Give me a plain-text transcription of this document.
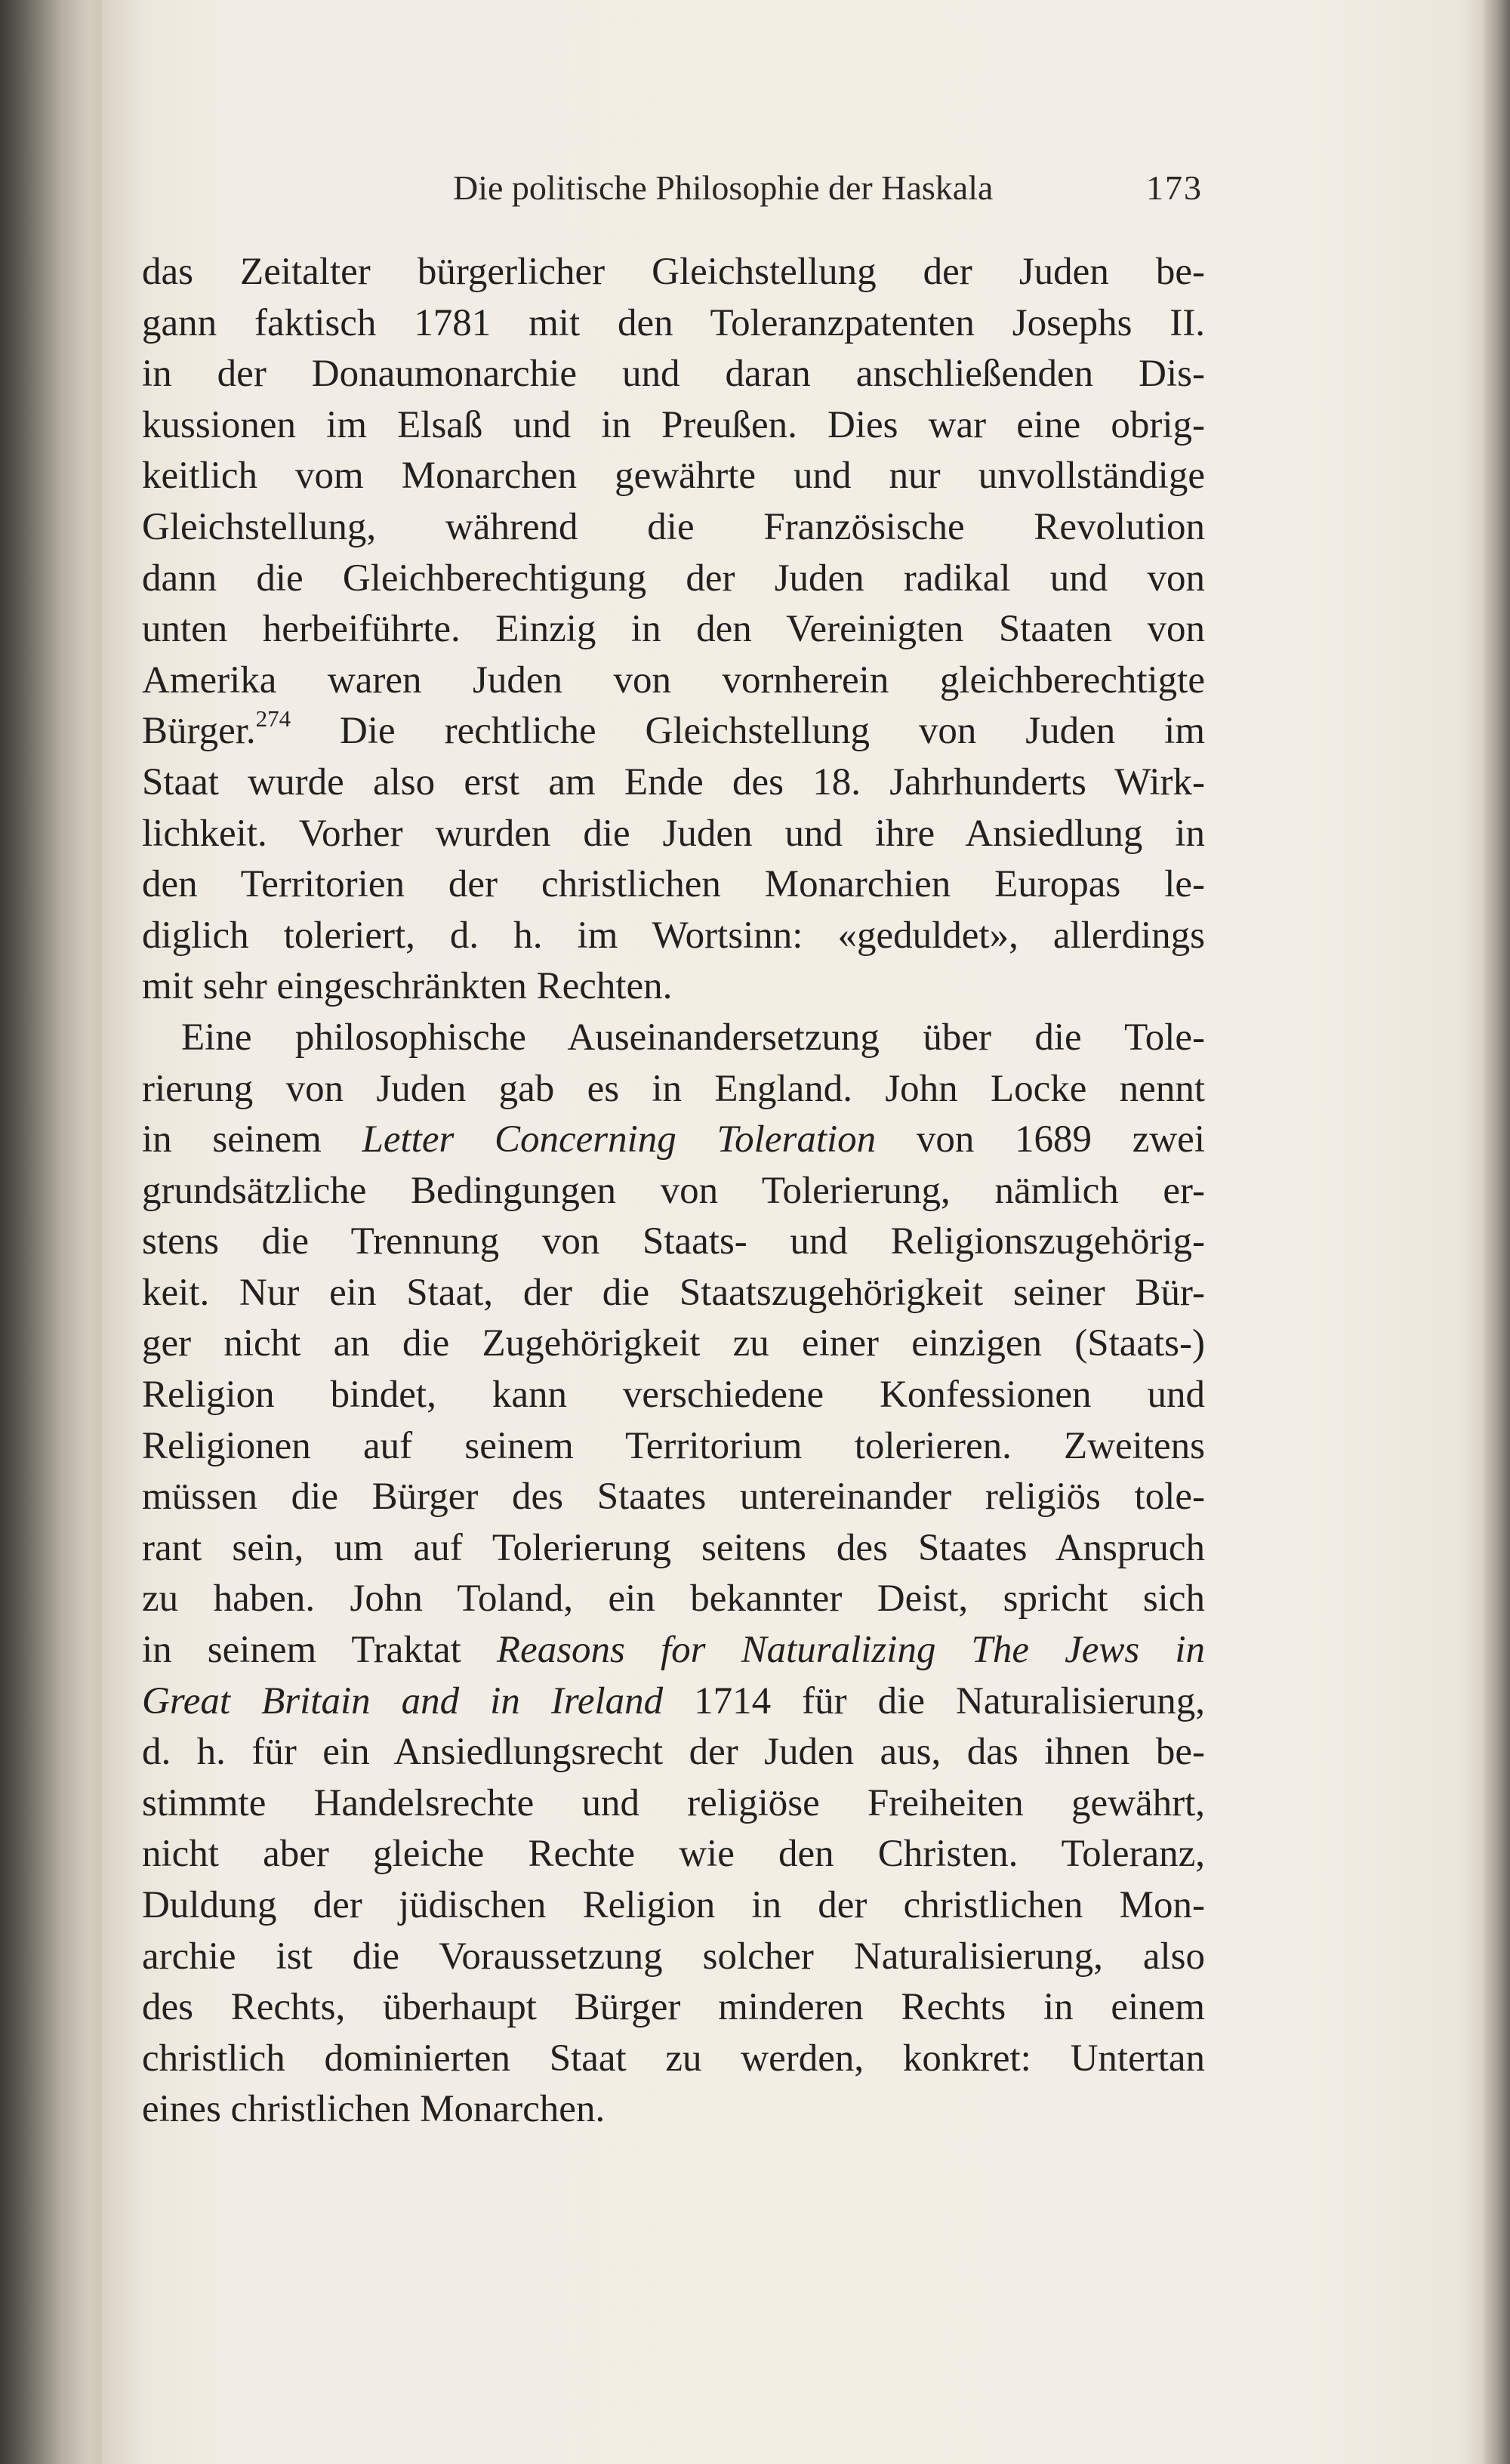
Die politische Philosophie der Haskala	173
das Zeitalter bürgerlicher Gleichstellung der Juden be-
gann faktisch 1781 mit den Toleranzpatenten Josephs II.
in der Donaumonarchie und daran anschließenden Dis-
kussionen im Elsaß und in Preußen. Dies war eine obrig-
keitlich vom Monarchen gewährte und nur unvollständige
Gleichstellung, während die Französische Revolution
dann die Gleichberechtigung der Juden radikal und von
unten herbeiführte. Einzig in den Vereinigten Staaten von
Amerika waren Juden von vornherein gleichberechtigte
Bürger.$^{274}$ Die rechtliche Gleichstellung von Juden im
Staat wurde also erst am Ende des 18. Jahrhunderts Wirk-
lichkeit. Vorher wurden die Juden und ihre Ansiedlung in
den Territorien der christlichen Monarchien Europas le-
diglich toleriert, d. h. im Wortsinn: «geduldet», allerdings
mit sehr eingeschränkten Rechten.
Eine philosophische Auseinandersetzung über die Tole-
rierung von Juden gab es in England. John Locke nennt
in seinem Letter Concerning Toleration von 1689 zwei
grundsätzliche Bedingungen von Tolerierung, nämlich er-
stens die Trennung von Staats- und Religionszugehörig-
keit. Nur ein Staat, der die Staatszugehörigkeit seiner Bür-
ger nicht an die Zugehörigkeit zu einer einzigen (Staats-)
Religion bindet, kann verschiedene Konfessionen und
Religionen auf seinem Territorium tolerieren. Zweitens
müssen die Bürger des Staates untereinander religiös tole-
rant sein, um auf Tolerierung seitens des Staates Anspruch
zu haben. John Toland, ein bekannter Deist, spricht sich
in seinem Traktat Reasons for Naturalizing The Jews in
Great Britain and in Ireland 1714 für die Naturalisierung,
d. h. für ein Ansiedlungsrecht der Juden aus, das ihnen be-
stimmte Handelsrechte und religiöse Freiheiten gewährt,
nicht aber gleiche Rechte wie den Christen. Toleranz,
Duldung der jüdischen Religion in der christlichen Mon-
archie ist die Voraussetzung solcher Naturalisierung, also
des Rechts, überhaupt Bürger minderen Rechts in einem
christlich dominierten Staat zu werden, konkret: Untertan
eines christlichen Monarchen.
